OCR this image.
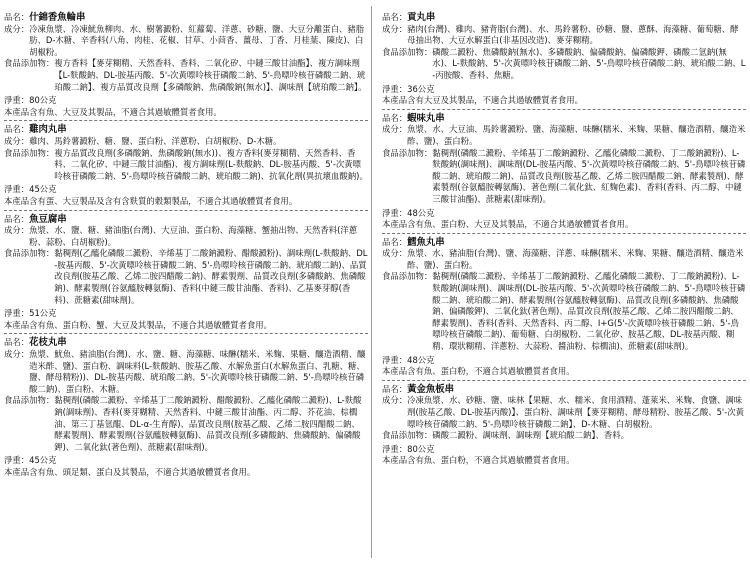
品名： 什錦香魚輪串
成分： 冷凍魚漿、冷凍魷魚柳肉、水、樹薯澱粉、紅蘿蔔、洋蔥、砂糖、鹽、大豆分離蛋白、豬脂肪、D-木糖、辛香料(八角、肉桂、花椒、甘草、小茴香、薑母、丁香、月桂葉、陳皮)、白胡椒粉。
食品添加物： 複方香料【麥芽糊精、天然香料、香料、二氧化矽、中鏈三酸甘油酯】、複方調味劑【L-麩酸鈉、DL-胺基丙酸、5'-次黃嘌呤核苷磷酸二鈉、5'-鳥嘌呤核苷磷酸二鈉、琥珀酸二鈉】、複方品質改良劑【多磷酸鈉、焦磷酸鈉(無水)】、調味劑【琥珀酸二鈉】。
淨重： 80公克
本產品含有魚、大豆及其製品，不適合其過敏體質者食用。
品名： 雞肉丸串
成分： 雞肉、馬鈴薯澱粉、糖、鹽、蛋白粉、洋蔥粉、白胡椒粉、D-木糖。
食品添加物： 複方品質改良劑(多磷酸鈉、焦磷酸鈉(無水))、複方香料(麥芽糊精、天然香料、香料、二氧化矽、中鏈三酸甘油酯)、複方調味劑(L-麩酸鈉、DL-胺基丙酸、5'-次黃嘌呤核苷磷酸二鈉、5'-鳥嘌呤核苷磷酸二鈉、琥珀酸二鈉)、抗氧化劑(異抗壞血酸鈉)。
淨重： 45公克
本產品含有蛋、大豆製品及含有含麩質的穀類製品，不適合其過敏體質者食用。
品名： 魚豆腐串
成分： 魚漿、水、鹽、糖、豬油脂(台灣)、大豆油、蛋白粉、海藻糖、蟹抽出物、天然香料(洋蔥粉、蒜粉、白胡椒粉)。
食品添加物： 黏稠劑(乙醯化磷酸二澱粉、辛烯基丁二酸鈉澱粉、醋酸澱粉)、調味劑(L-麩酸鈉、DL-胺基丙酸、5'-次黃嘌呤核苷磷酸二鈉、5'-鳥嘌呤核苷磷酸二鈉、琥珀酸二鈉)、品質改良劑(胺基乙酸、乙烯二胺四醋酸二鈉)、酵素製劑、品質改良劑(多磷酸鈉、焦磷酸鈉)、酵素製劑(谷氨醯胺轉氨酶)、香料(中鏈三酸甘油酯、香料)、乙基麥芽醇(香料)、蔗糖素(甜味劑)。
淨重： 51公克
本產品含有魚、蛋白粉、蟹、大豆及其製品，不適合其過敏體質者食用。
品名： 花枝丸串
成分： 魚漿、魷魚、豬油脂(台灣)、水、鹽、糖、海藻糖、味醂(糯米、米麴、果糖、釀造酒精、釀造米酢、鹽)、蛋白粉、調味料(L-麩酸鈉、胺基乙酸、水解魚蛋白(水解魚蛋白、乳糖、糖、鹽、酵母精粉))、DL-胺基丙酸、琥珀酸二鈉、5'-次黃嘌呤核苷磷酸二鈉、5'-鳥嘌呤核苷磷酸二鈉)、蛋白粉、木糖。
食品添加物： 黏稠劑(磷酸二澱粉、辛烯基丁二酸鈉澱粉、醋酸澱粉、乙醯化磷酸二澱粉)、L-麩酸鈉(調味劑)、香料(麥芽糊精、天然香料、中鏈三酸甘油酯、丙二醇、芥花油、棕櫚油、第三丁基氫醌、DL-α-生育醇)、品質改良劑(胺基乙酸、乙烯二胺四醋酸二鈉、酵素製劑)、酵素製劑(谷氨醯胺轉氨酶)、品質改良劑(多磷酸鈉、焦磷酸鈉、偏磷酸鉀)、二氧化鈦(著色劑)、蔗糖素(甜味劑)。
淨重： 45公克
本產品含有魚、頭足類、蛋白及其製品，不適合其過敏體質者食用。
品名： 貢丸串
成分： 豬肉(台灣)、雞肉、豬背脂(台灣)、水、馬鈴薯粉、砂糖、鹽、蔥酥、海藻糖、葡萄糖、酵母抽出物、大豆水解蛋白(非基因改造)、麥芽糊精。
食品添加物： 磷酸二澱粉、焦磷酸鈉(無水)、多磷酸鈉、偏磷酸鈉、偏磷酸鉀、磷酸二氫鈉(無水)、L-麩酸鈉、5'-次黃嘌呤核苷磷酸二鈉、5'-鳥嘌呤核苷磷酸二鈉、琥珀酸二鈉、L-丙胺酸、香料、焦糖。
淨重： 36公克
本產品含有大豆及其製品，不適合其過敏體質者食用。
品名： 蝦味丸串
成分： 魚漿、水、大豆油、馬鈴薯澱粉、鹽、海藻糖、味醂(糯米、米麴、果糖、釀造酒精、釀造米酢、鹽)、蛋白粉。
食品添加物： 黏稠劑(磷酸二澱粉、辛烯基丁二酸鈉澱粉、乙醯化磷酸二澱粉、丁二酸鈉澱粉)、L-麩酸鈉(調味劑)、調味劑(DL-胺基丙酸、5'-次黃嘌呤核苷磷酸二鈉、5'-鳥嘌呤核苷磷酸二鈉、琥珀酸二鈉)、品質改良劑(胺基乙酸、乙烯二胺四醋酸二鈉、酵素製劑)、酵素製劑(谷氨醯胺轉氨酶)、著色劑(二氧化鈦、紅麴色素)、香料(香料、丙二醇、中鏈三酸甘油酯)、蔗糖素(甜味劑)。
淨重： 48公克
本產品含有魚、蛋白粉、大豆及其製品，不適合其過敏體質者食用。
品名： 鱈魚丸串
成分： 魚漿、水、豬油脂(台灣)、鹽、海藻糖、洋蔥、味醂(糯米、米麴、果糖、釀造酒精、釀造米酢、鹽)、蛋白粉。
食品添加物： 黏稠劑(磷酸二澱粉、辛烯基丁二酸鈉澱粉、乙醯化磷酸二澱粉、丁二酸鈉澱粉)、L-麩酸鈉(調味劑)、調味劑(DL-胺基丙酸、5'-次黃嘌呤核苷磷酸二鈉、5'-鳥嘌呤核苷磷酸二鈉、琥珀酸二鈉)、酵素製劑(谷氨醯胺轉氨酶)、品質改良劑(多磷酸鈉、焦磷酸鈉、偏磷酸鉀)、二氧化鈦(著色劑)、品質改良劑(胺基乙酸、乙烯二胺四醋酸二鈉、酵素製劑)、香料(香料、天然香料、丙二醇、I+G(5'-次黃嘌呤核苷磷酸二鈉、5'-鳥嘌呤核苷磷酸二鈉)、葡萄糖、白胡椒粉、二氧化矽、胺基乙酸、DL-胺基丙酸、糊精、環狀糊精、洋蔥粉、大蒜粉、醬油粉、棕櫚油)、蔗糖素(甜味劑)。
淨重： 48公克
本產品含有魚、蛋白粉，不適合其過敏體質者食用。
品名： 黃金魚板串
成分： 冷凍魚漿、水、砂糖、鹽、味林【果糖、水、糯米、食用酒精、蓬萊米、米麴、食鹽、調味劑(胺基乙酸、DL-胺基丙酸)】、蛋白粉、調味劑【麥芽糊精、酵母精粉、胺基乙酸、5'-次黃嘌呤核苷磷酸二鈉、5'-鳥嘌呤核苷磷酸二鈉】、D-木糖、白胡椒粉。
食品添加物： 磷酸二澱粉、調味劑、調味劑【琥珀酸二鈉】、香料。
淨重： 80公克
本產品含有魚、蛋白粉，不適合其過敏體質者食用。
